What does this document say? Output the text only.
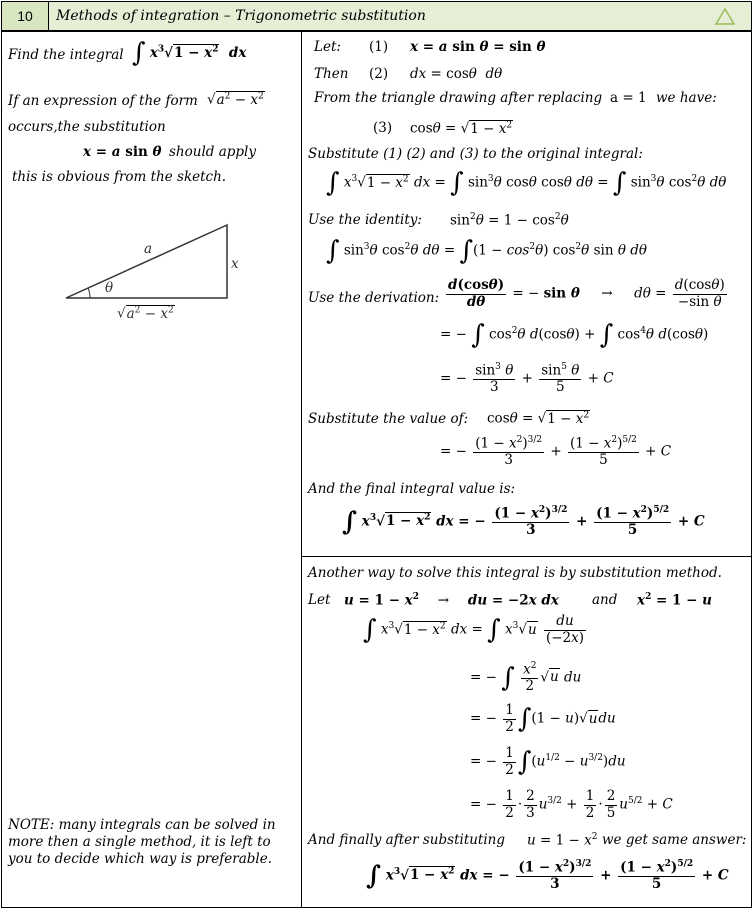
10	Methods of integration – Trigonometric substitution
Find the integral ∫ $x^3√1 - x^2$ dx
If an expression of the form $√a^2 - x^2$
occurs,the substitution
x = a sin θ should apply
this is obvious from the sketch.
a
x
θ
$√a^2 - x^2$
NOTE: many integrals can be solved in more then a single method, it is left to you to decide which way is preferable.
Let: (1) x = a sin θ = sin θ
Then (2) dx = cosθ dθ
From the triangle drawing after replacing a = 1 we have:
(3) $\cos\theta = √1 - x^2$
Substitute (1) (2) and (3) to the original integral:
∫ $x^3√1 - x^2$ dx = ∫ $\sin^3\theta$ cosθ cosθ dθ = ∫ $\sin^3\theta$ $\cos^2\theta$ dθ
Use the identity: $\sin^2\theta = 1 - \cos^2\theta$
∫ $\sin^3\theta$ $\cos^2\theta$ $d\theta = \int(1 - \cos^2\theta)$ $\cos^2\theta$ sin θ dθ
Use the derivation: $\frac{d(\cos\theta)}{d\theta}$ = − sin θ     →     $d\theta = \frac{d(\cos\theta)}{\text{−sin θ}}$
= − ∫ $\cos^2\theta$ d(cosθ) + ∫ $\cos^4\theta$ d(cosθ)
= − $\frac{\sin^3 \theta}{3} + \frac{\sin^5 \theta}{5} + C$
Substitute the value of: $\cos\theta = √1 - x^2$
= − $\frac{(1 - x^2)^{3/2}}{3} + \frac{(1 - x^2)^{5/2}}{5} + C$
And the final integral value is:
∫ $x^3√1 - x^2$ dx = − $\frac{(1 - x^2)^{3/2}}{3} + \frac{(1 - x^2)^{5/2}}{5} + C$
Another way to solve this integral is by substitution method.
Let $u = 1 - x^2$ → du = −2x dx and $x^2 = 1 - u$
∫ $x^3√1 - x^2$ dx = ∫ $x^3√u \frac{du}{(-2x)}$
= − ∫ $\frac{x^2}{2} √u$ du
= − $\frac{1}{2} \int(1 - u)√udu$
= − $\frac{1}{2} \int(u^{1/2} - u^{3/2})du$
= − $\frac{1}{2} \cdot \frac{2}{3} u^{3/2} + \frac{1}{2} \cdot \frac{2}{5} u^{5/2} + C$
And finally after substituting $u = 1 - x^2$ we get same answer:
∫ $x^3√1 - x^2$ dx = − $\frac{(1 - x^2)^{3/2}}{3} + \frac{(1 - x^2)^{5/2}}{5} + C$
